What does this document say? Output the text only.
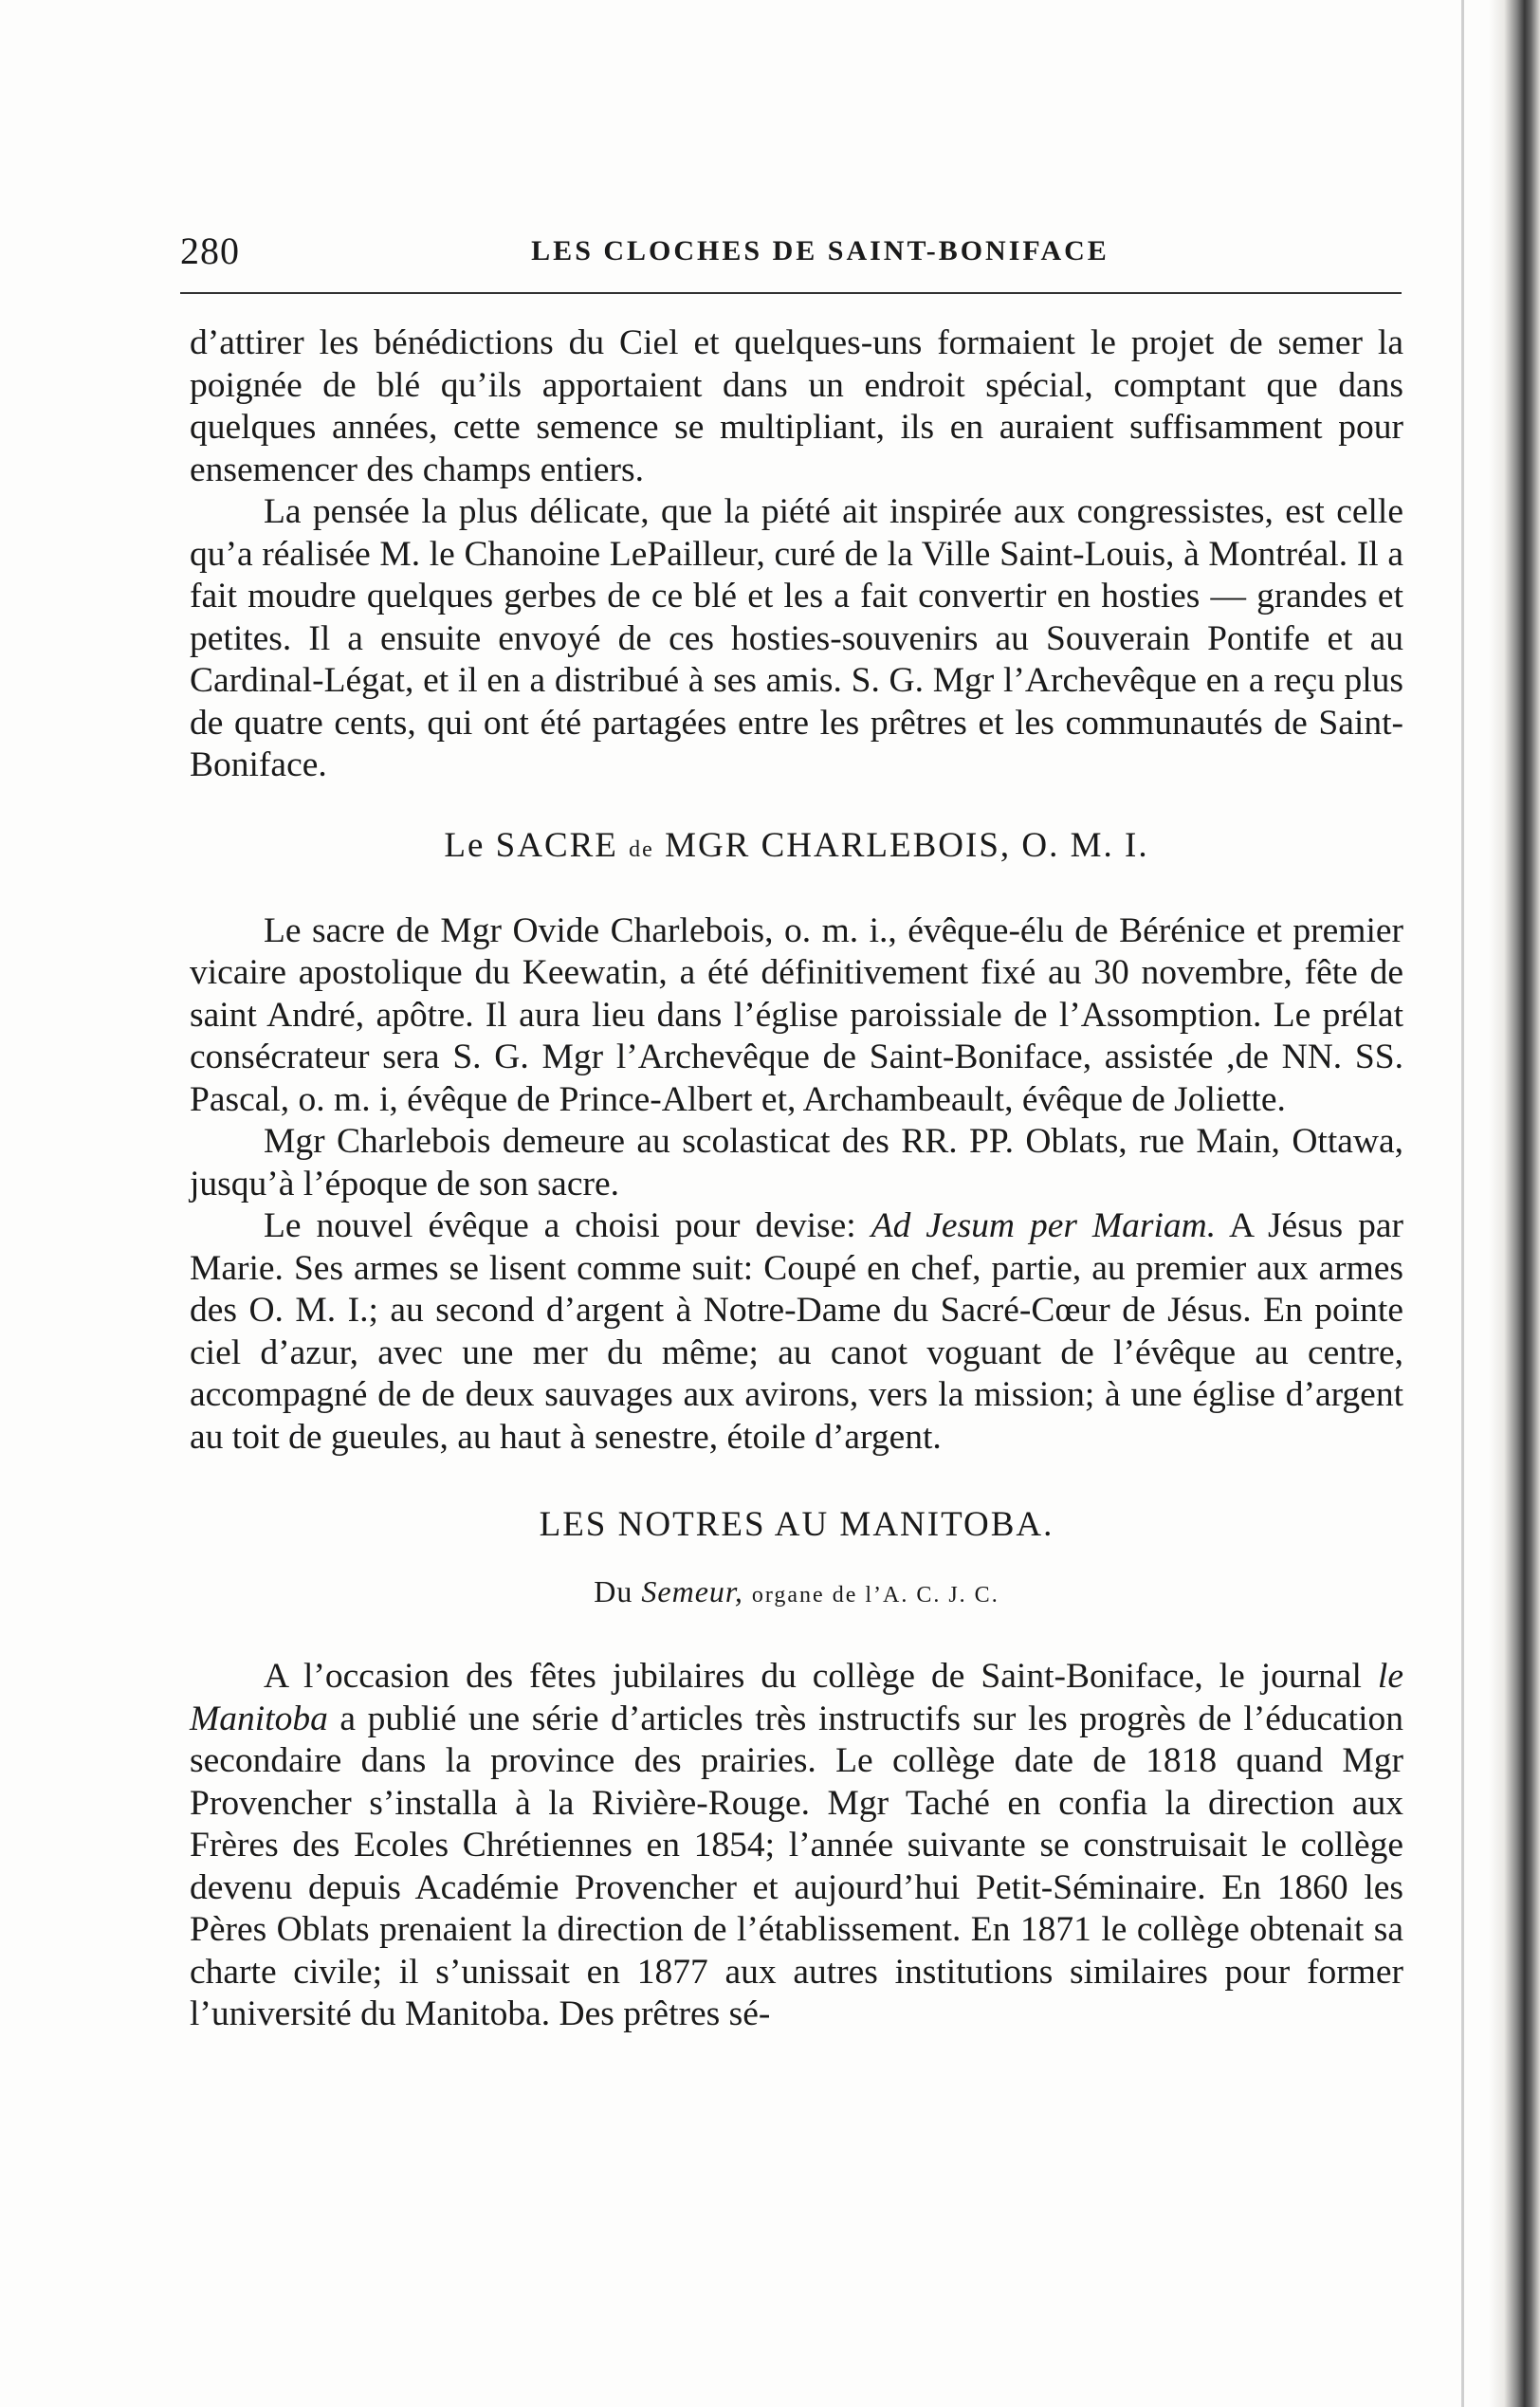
280	LES CLOCHES DE SAINT-BONIFACE

d’attirer les bénédictions du Ciel et quelques-uns formaient le projet de semer la poignée de blé qu’ils apportaient dans un endroit spécial, comptant que dans quelques années, cette semence se multipliant, ils en auraient suffisamment pour ensemencer des champs entiers.

La pensée la plus délicate, que la piété ait inspirée aux congressistes, est celle qu’a réalisée M. le Chanoine LePailleur, curé de la Ville Saint-Louis, à Montréal. Il a fait moudre quelques gerbes de ce blé et les a fait convertir en hosties — grandes et petites. Il a ensuite envoyé de ces hosties-souvenirs au Souverain Pontife et au Cardinal-Légat, et il en a distribué à ses amis. S. G. Mgr l’Archevêque en a reçu plus de quatre cents, qui ont été partagées entre les prêtres et les communautés de Saint-Boniface.

Le SACRE de MGR CHARLEBOIS, O. M. I.

Le sacre de Mgr Ovide Charlebois, o. m. i., évêque-élu de Bérénice et premier vicaire apostolique du Keewatin, a été définitivement fixé au 30 novembre, fête de saint André, apôtre. Il aura lieu dans l’église paroissiale de l’Assomption. Le prélat consécrateur sera S. G. Mgr l’Archevêque de Saint-Boniface, assistée ,de NN. SS. Pascal, o. m. i, évêque de Prince-Albert et, Archambeault, évêque de Joliette.

Mgr Charlebois demeure au scolasticat des RR. PP. Oblats, rue Main, Ottawa, jusqu’à l’époque de son sacre.

Le nouvel évêque a choisi pour devise: Ad Jesum per Mariam. A Jésus par Marie. Ses armes se lisent comme suit: Coupé en chef, partie, au premier aux armes des O. M. I.; au second d’argent à Notre-Dame du Sacré-Cœur de Jésus. En pointe ciel d’azur, avec une mer du même; au canot voguant de l’évêque au centre, accompagné de de deux sauvages aux avirons, vers la mission; à une église d’argent au toit de gueules, au haut à senestre, étoile d’argent.

LES NOTRES AU MANITOBA.
Du Semeur, organe de l’A. C. J. C.

A l’occasion des fêtes jubilaires du collège de Saint-Boniface, le journal le Manitoba a publié une série d’articles très instructifs sur les progrès de l’éducation secondaire dans la province des prairies. Le collège date de 1818 quand Mgr Provencher s’installa à la Rivière-Rouge. Mgr Taché en confia la direction aux Frères des Ecoles Chrétiennes en 1854; l’année suivante se construisait le collège devenu depuis Académie Provencher et aujourd’hui Petit-Séminaire. En 1860 les Pères Oblats prenaient la direction de l’établissement. En 1871 le collège obtenait sa charte civile; il s’unissait en 1877 aux autres institutions similaires pour former l’université du Manitoba. Des prêtres sé-
